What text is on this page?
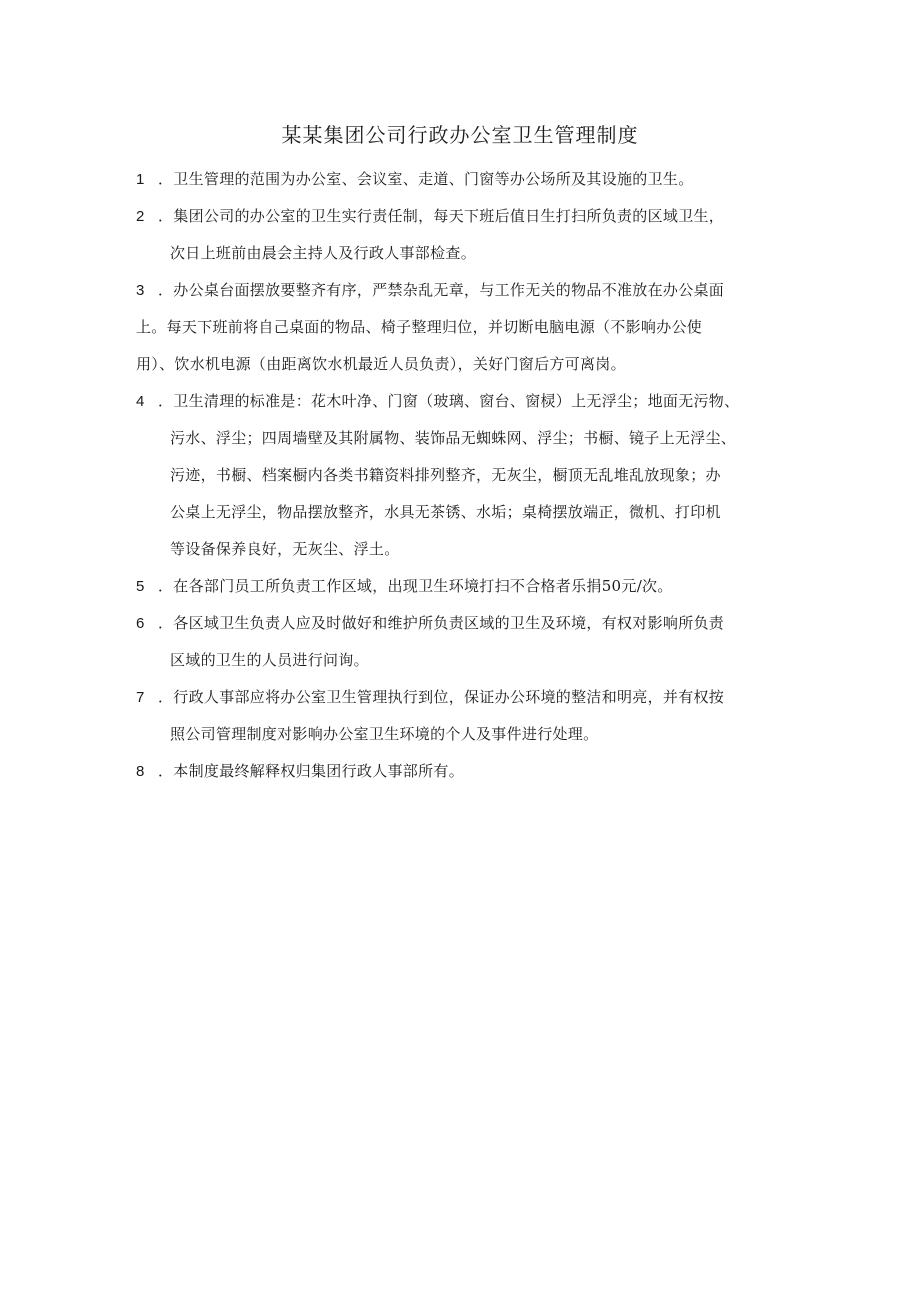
某某集团公司行政办公室卫生管理制度
1 ．卫生管理的范围为办公室、会议室、走道、门窗等办公场所及其设施的卫生。
2 ．集团公司的办公室的卫生实行责任制，每天下班后值日生打扫所负责的区域卫生，
次日上班前由晨会主持人及行政人事部检查。
3 ．办公桌台面摆放要整齐有序，严禁杂乱无章，与工作无关的物品不准放在办公桌面
上。每天下班前将自己桌面的物品、椅子整理归位，并切断电脑电源（不影响办公使
用）、饮水机电源（由距离饮水机最近人员负责），关好门窗后方可离岗。
4 ．卫生清理的标准是：花木叶净、门窗（玻璃、窗台、窗棂）上无浮尘；地面无污物、
污水、浮尘；四周墙壁及其附属物、装饰品无蜘蛛网、浮尘；书橱、镜子上无浮尘、
污迹，书橱、档案橱内各类书籍资料排列整齐，无灰尘，橱顶无乱堆乱放现象；办
公桌上无浮尘，物品摆放整齐，水具无茶锈、水垢；桌椅摆放端正，微机、打印机
等设备保养良好，无灰尘、浮土。
5 ．在各部门员工所负责工作区域，出现卫生环境打扫不合格者乐捐50元/次。
6 ．各区域卫生负责人应及时做好和维护所负责区域的卫生及环境，有权对影响所负责
区域的卫生的人员进行问询。
7 ．行政人事部应将办公室卫生管理执行到位，保证办公环境的整洁和明亮，并有权按
照公司管理制度对影响办公室卫生环境的个人及事件进行处理。
8 ．本制度最终解释权归集团行政人事部所有。
